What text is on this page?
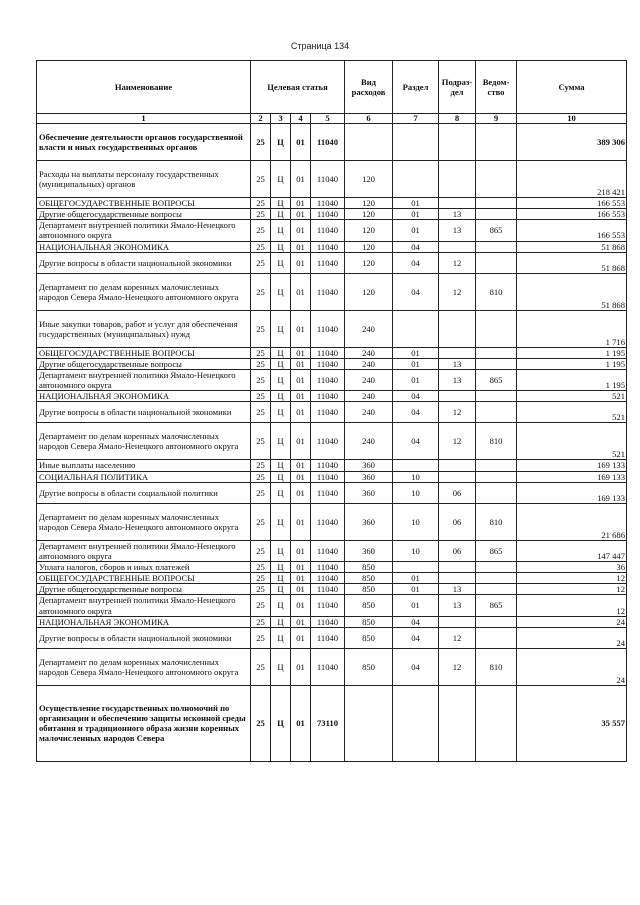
Страница 134
Наименование	Целевая статья				Вид расходов	Раздел	Подраз-дел	Ведом-ство	Сумма
1	2	3	4	5	6	7	8	9	10
Обеспечение деятельности органов государственной власти и иных государственных органов	25	Ц	01	11040					389 306
Расходы на выплаты персоналу государственных (муниципальных) органов	25	Ц	01	11040	120				218 421
ОБЩЕГОСУДАРСТВЕННЫЕ ВОПРОСЫ	25	Ц	01	11040	120	01			166 553
Другие общегосударственные вопросы	25	Ц	01	11040	120	01	13		166 553
Департамент внутренней политики Ямало-Ненецкого автономного округа	25	Ц	01	11040	120	01	13	865	166 553
НАЦИОНАЛЬНАЯ ЭКОНОМИКА	25	Ц	01	11040	120	04			51 868
Другие вопросы в области национальной экономики	25	Ц	01	11040	120	04	12		51 868
Департамент по делам коренных малочисленных народов Севера Ямало-Ненецкого автономного округа	25	Ц	01	11040	120	04	12	810	51 868
Иные закупки товаров, работ и услуг для обеспечения государственных (муниципальных) нужд	25	Ц	01	11040	240				1 716
ОБЩЕГОСУДАРСТВЕННЫЕ ВОПРОСЫ	25	Ц	01	11040	240	01			1 195
Другие общегосударственные вопросы	25	Ц	01	11040	240	01	13		1 195
Департамент внутренней политики Ямало-Ненецкого автономного округа	25	Ц	01	11040	240	01	13	865	1 195
НАЦИОНАЛЬНАЯ ЭКОНОМИКА	25	Ц	01	11040	240	04			521
Другие вопросы в области национальной экономики	25	Ц	01	11040	240	04	12		521
Департамент по делам коренных малочисленных народов Севера Ямало-Ненецкого автономного округа	25	Ц	01	11040	240	04	12	810	521
Иные выплаты населению	25	Ц	01	11040	360				169 133
СОЦИАЛЬНАЯ ПОЛИТИКА	25	Ц	01	11040	360	10			169 133
Другие вопросы в области социальной политики	25	Ц	01	11040	360	10	06		169 133
Департамент по делам коренных малочисленных народов Севера Ямало-Ненецкого автономного округа	25	Ц	01	11040	360	10	06	810	21 686
Департамент внутренней политики Ямало-Ненецкого автономного округа	25	Ц	01	11040	360	10	06	865	147 447
Уплата налогов, сборов и иных платежей	25	Ц	01	11040	850				36
ОБЩЕГОСУДАРСТВЕННЫЕ ВОПРОСЫ	25	Ц	01	11040	850	01			12
Другие общегосударственные вопросы	25	Ц	01	11040	850	01	13		12
Департамент внутренней политики Ямало-Ненецкого автономного округа	25	Ц	01	11040	850	01	13	865	12
НАЦИОНАЛЬНАЯ ЭКОНОМИКА	25	Ц	01	11040	850	04			24
Другие вопросы в области национальной экономики	25	Ц	01	11040	850	04	12		24
Департамент по делам коренных малочисленных народов Севера Ямало-Ненецкого автономного округа	25	Ц	01	11040	850	04	12	810	24
Осуществление государственных полномочий по организации и обеспечению защиты исконной среды обитания и традиционного образа жизни коренных малочисленных народов Севера	25	Ц	01	73110					35 557
